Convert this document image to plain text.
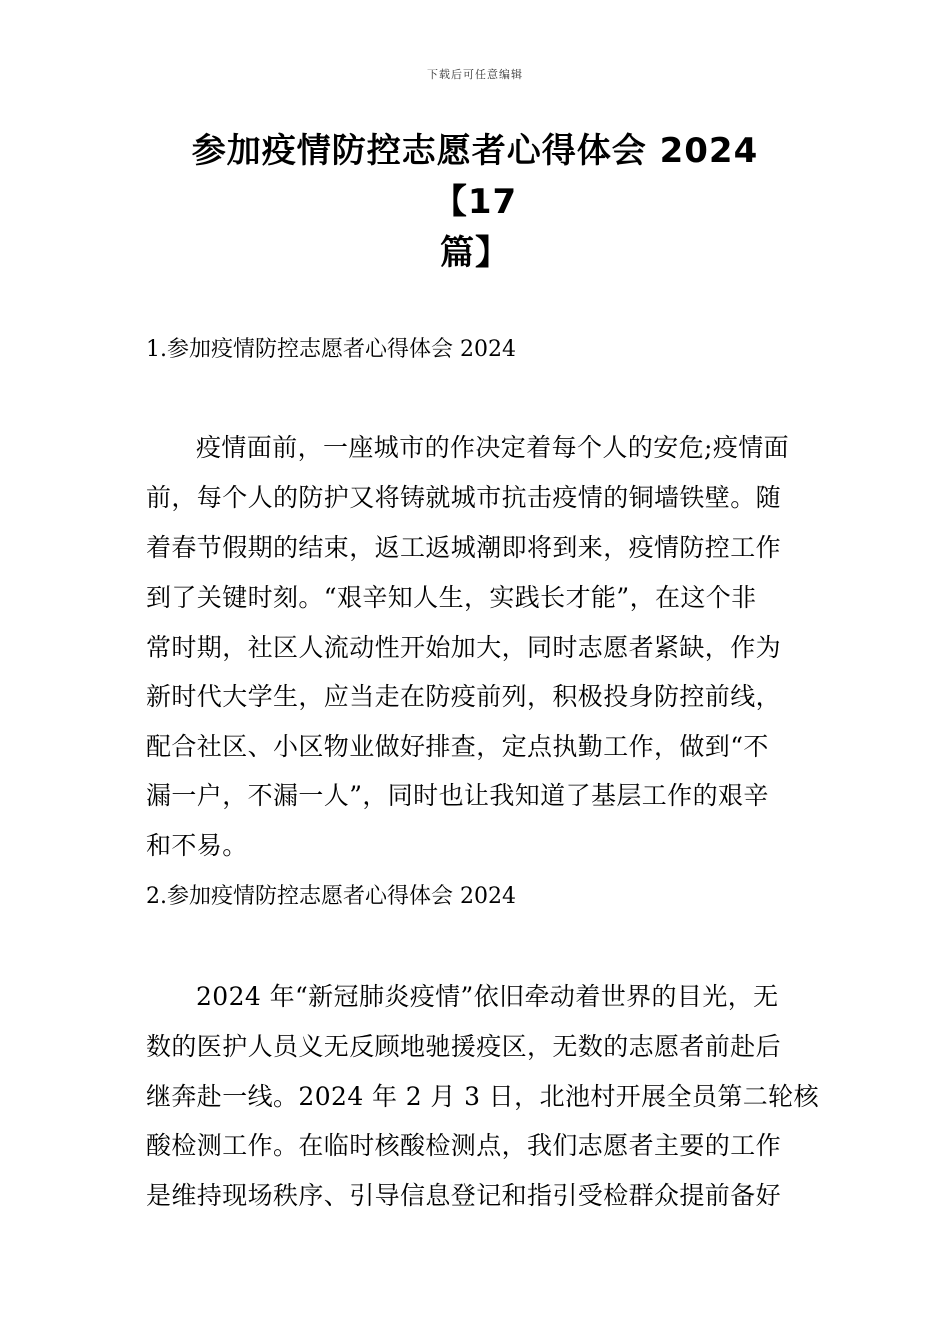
下载后可任意编辑
参加疫情防控志愿者心得体会 2024【17
篇】
1.参加疫情防控志愿者心得体会 2024
疫情面前，一座城市的作决定着每个人的安危;疫情面
前，每个人的防护又将铸就城市抗击疫情的铜墙铁壁。随
着春节假期的结束，返工返城潮即将到来，疫情防控工作
到了关键时刻。“艰辛知人生，实践长才能”，在这个非
常时期，社区人流动性开始加大，同时志愿者紧缺，作为
新时代大学生，应当走在防疫前列，积极投身防控前线，
配合社区、小区物业做好排查，定点执勤工作，做到“不
漏一户，不漏一人”，同时也让我知道了基层工作的艰辛
和不易。
2.参加疫情防控志愿者心得体会 2024
2024 年“新冠肺炎疫情”依旧牵动着世界的目光，无
数的医护人员义无反顾地驰援疫区，无数的志愿者前赴后
继奔赴一线。2024 年 2 月 3 日，北池村开展全员第二轮核
酸检测工作。在临时核酸检测点，我们志愿者主要的工作
是维持现场秩序、引导信息登记和指引受检群众提前备好
